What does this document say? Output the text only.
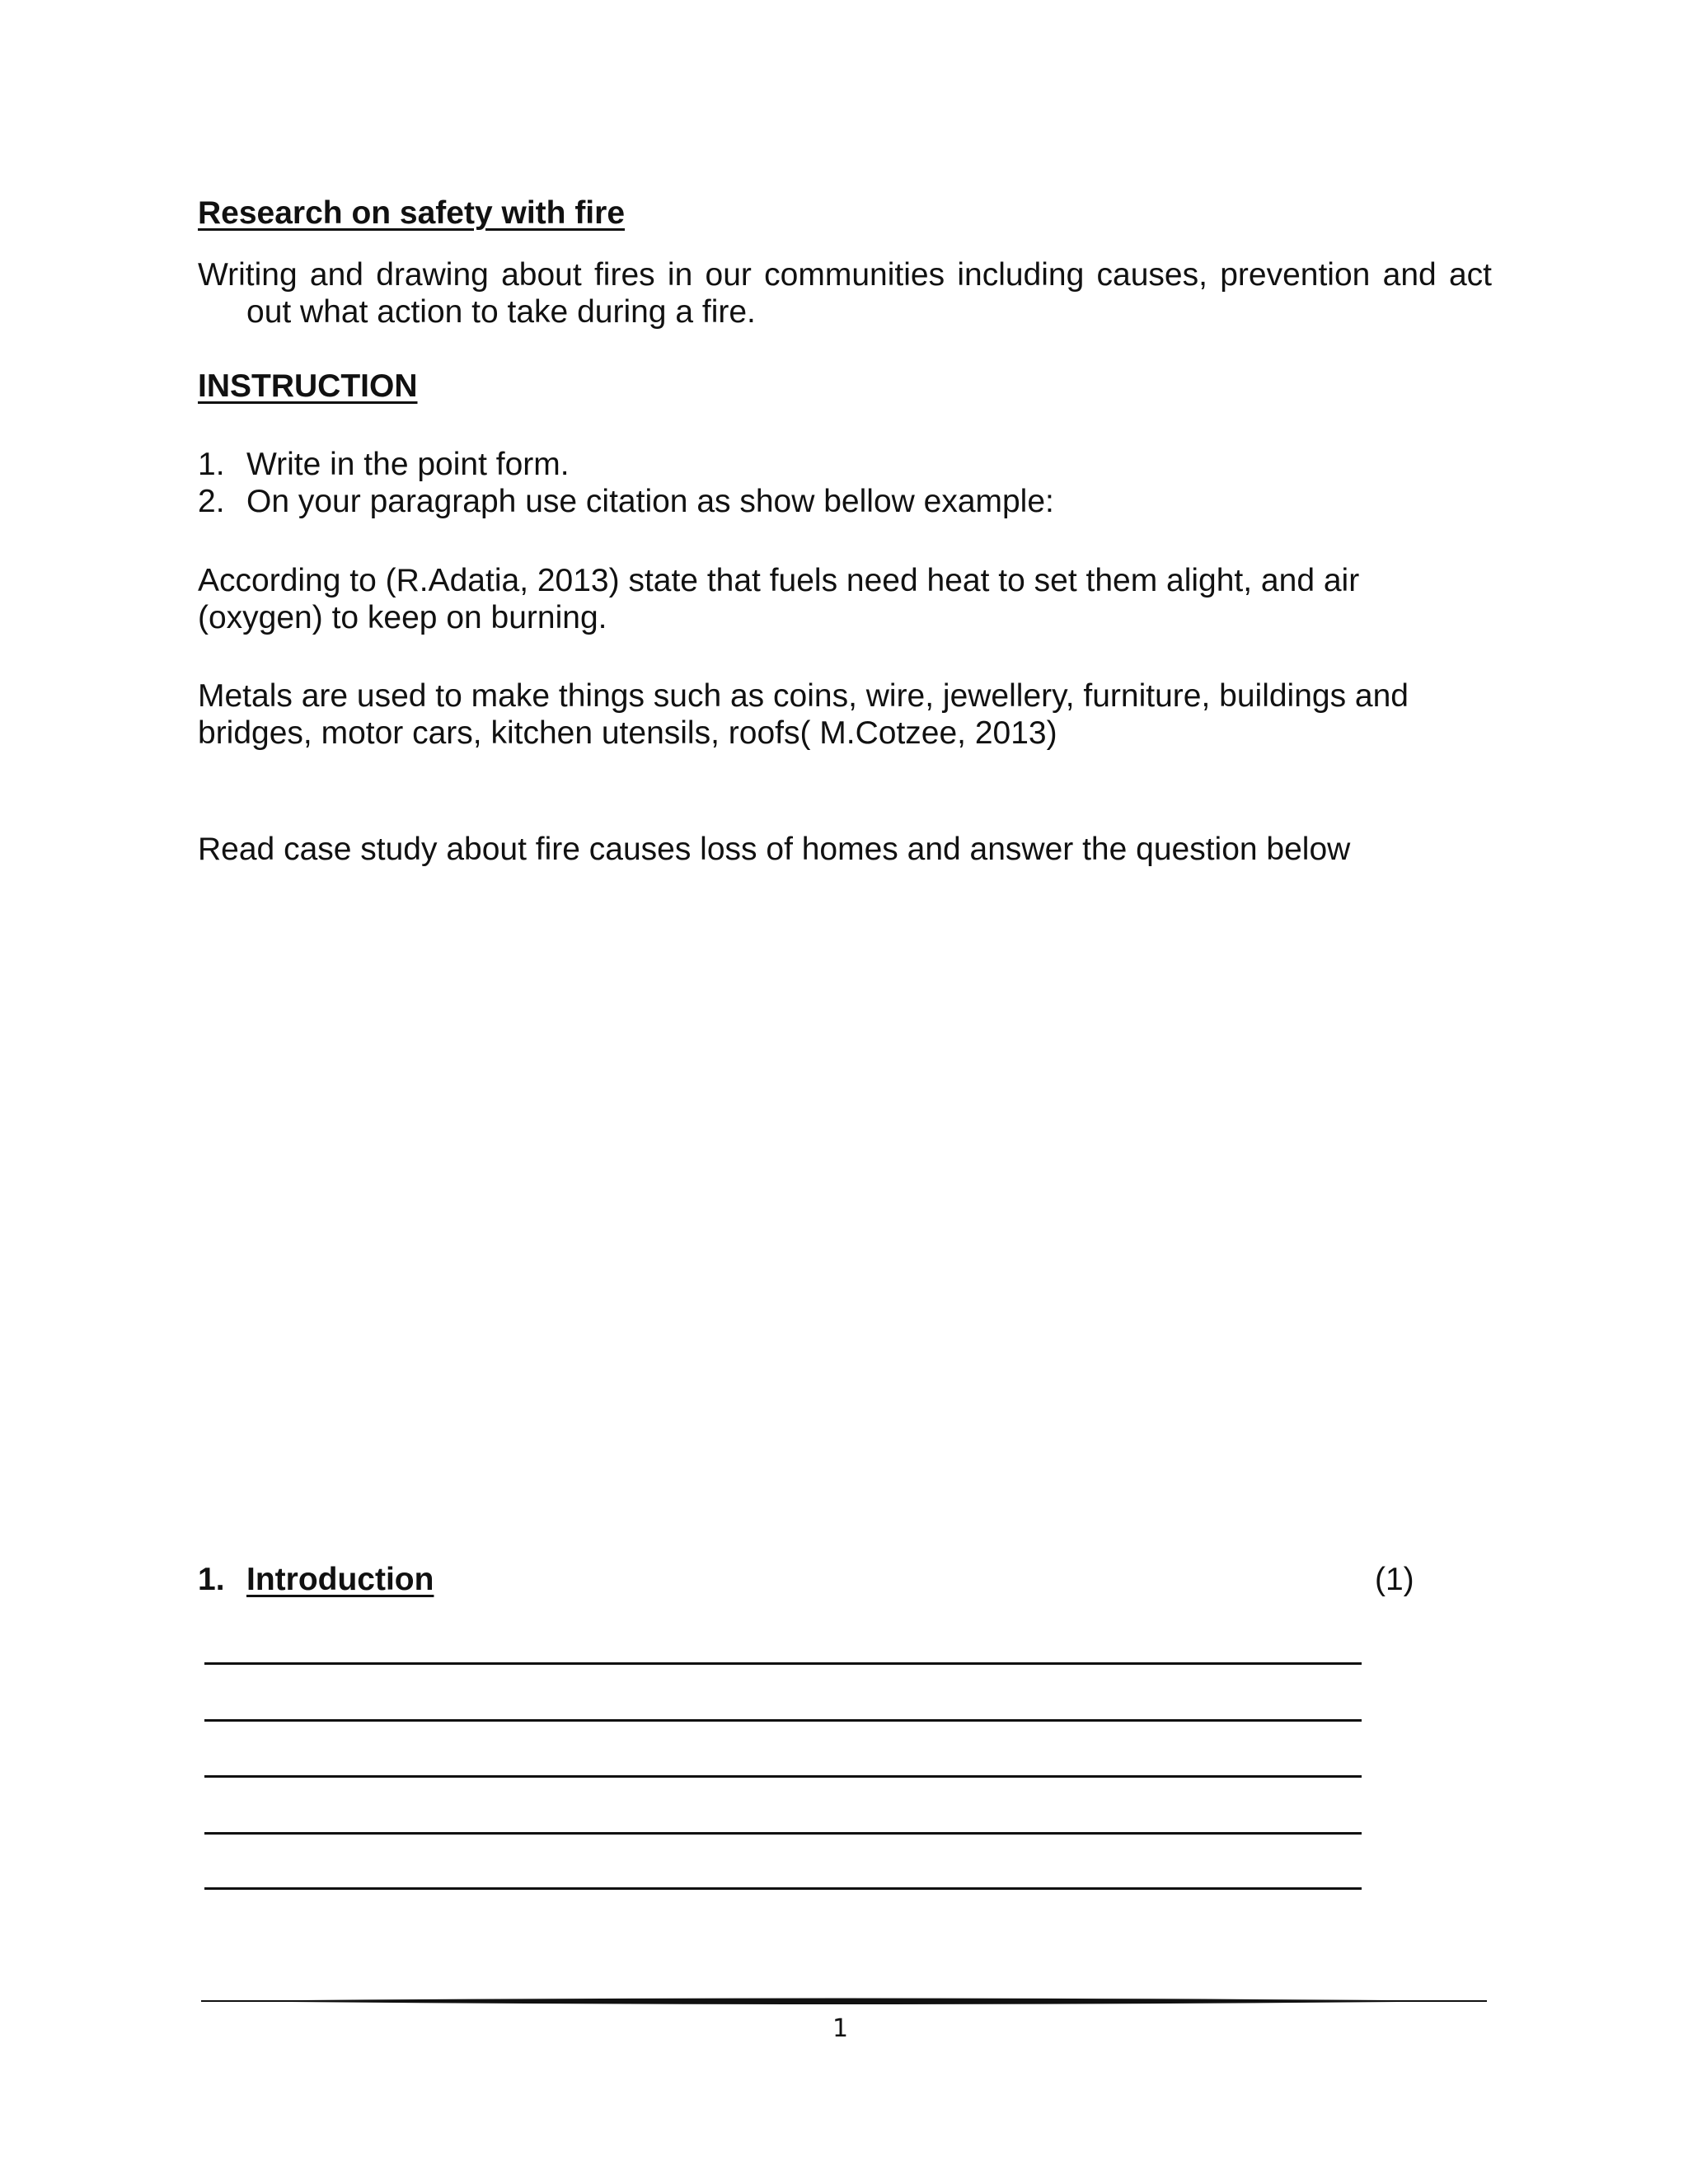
Research on safety with fire
Writing and drawing about fires in our communities including causes, prevention and act
out what action to take during a fire.
INSTRUCTION
1. Write in the point form.
2. On your paragraph use citation as show bellow example:
According to (R.Adatia, 2013) state that fuels need heat to set them alight, and air
(oxygen) to keep on burning.
Metals are used to make things such as coins, wire, jewellery, furniture, buildings and
bridges, motor cars, kitchen utensils, roofs( M.Cotzee, 2013)
Read case study about fire causes loss of homes and answer the question below
1. Introduction	(1)
1
